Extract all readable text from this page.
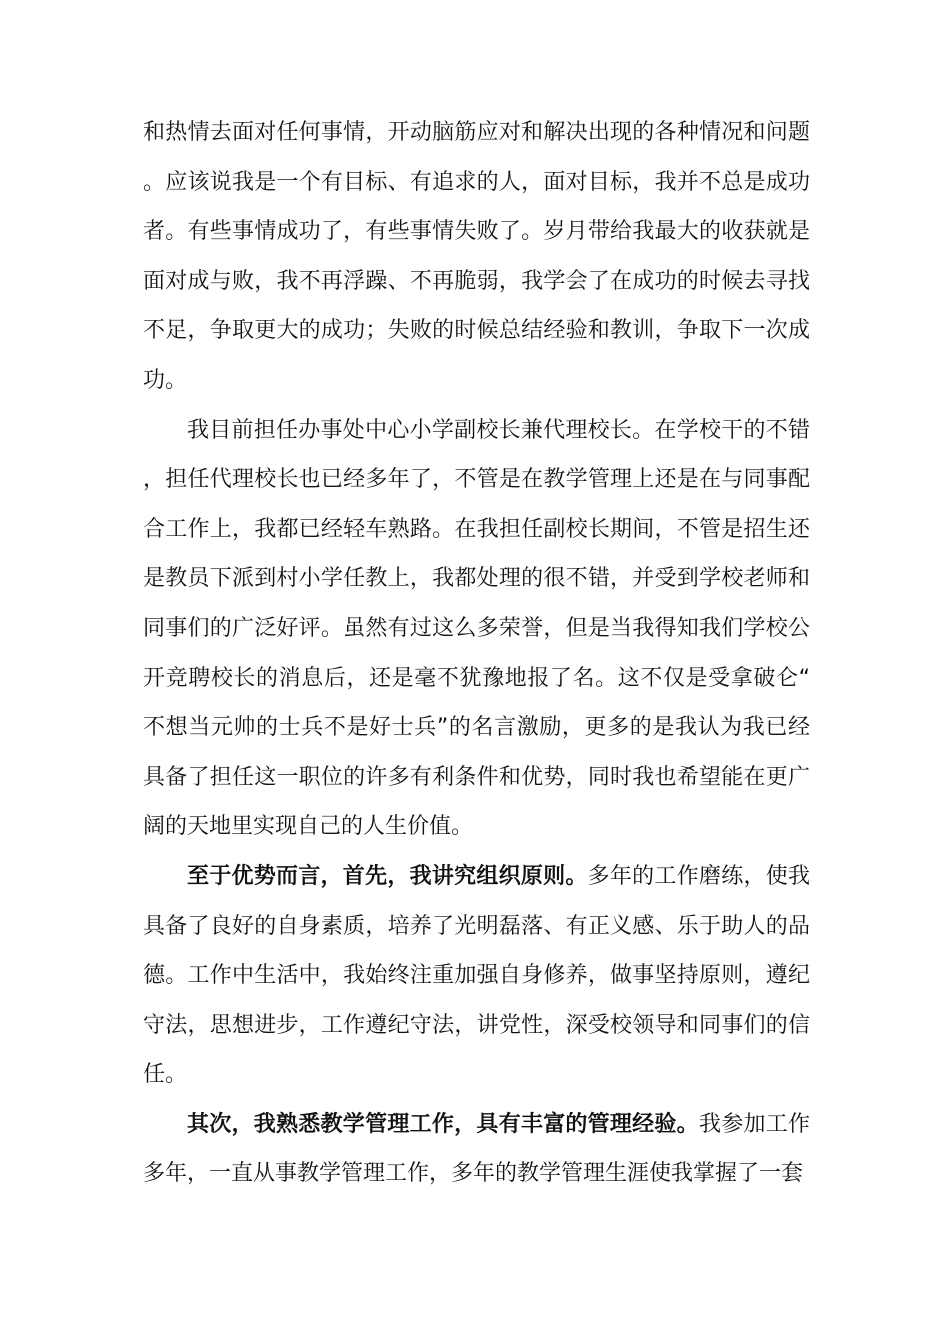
和热情去面对任何事情，开动脑筋应对和解决出现的各种情况和问题。应该说我是一个有目标、有追求的人，面对目标，我并不总是成功者。有些事情成功了，有些事情失败了。岁月带给我最大的收获就是面对成与败，我不再浮躁、不再脆弱，我学会了在成功的时候去寻找不足，争取更大的成功；失败的时候总结经验和教训，争取下一次成功。

我目前担任办事处中心小学副校长兼代理校长。在学校干的不错，担任代理校长也已经多年了，不管是在教学管理上还是在与同事配合工作上，我都已经轻车熟路。在我担任副校长期间，不管是招生还是教员下派到村小学任教上，我都处理的很不错，并受到学校老师和同事们的广泛好评。虽然有过这么多荣誉，但是当我得知我们学校公开竞聘校长的消息后，还是毫不犹豫地报了名。这不仅是受拿破仑“不想当元帅的士兵不是好士兵”的名言激励，更多的是我认为我已经具备了担任这一职位的许多有利条件和优势，同时我也希望能在更广阔的天地里实现自己的人生价值。

至于优势而言，首先，我讲究组织原则。多年的工作磨练，使我具备了良好的自身素质，培养了光明磊落、有正义感、乐于助人的品德。工作中生活中，我始终注重加强自身修养，做事坚持原则，遵纪守法，思想进步，工作遵纪守法，讲党性，深受校领导和同事们的信任。

其次，我熟悉教学管理工作，具有丰富的管理经验。我参加工作多年，一直从事教学管理工作，多年的教学管理生涯使我掌握了一套
